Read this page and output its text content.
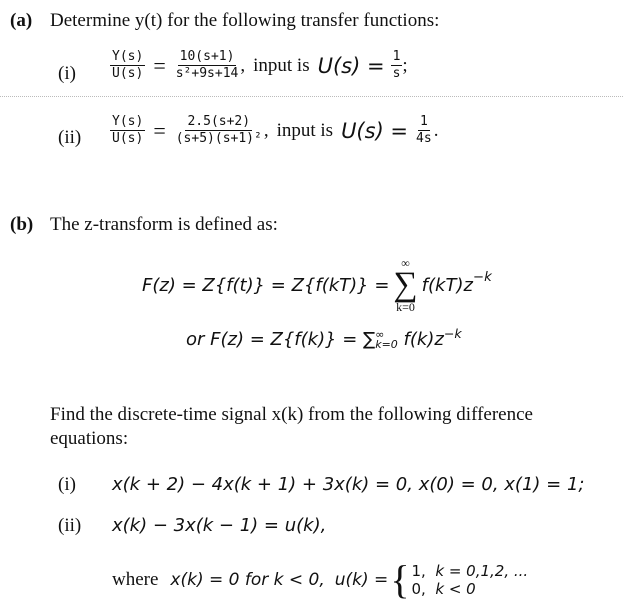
(a) Determine y(t) for the following transfer functions:
(i)	$\frac{Y(s)}{U(s)} = \frac{10(s+1)}{\text{s²+9s+14}}$ , input is $U(s) = \frac{1}{s}$ ;
$(ii) \frac{Y(s)}{U(s)} = \frac{2.5(s+2)}{\text{(s+5)(s+1)²}}$ , input is $U(s) = \frac{1}{4s}$ .
(b) The z-transform is defined as:
F(z) = Z{f(t)} = Z{f(kT)} =
∞
∑
k=0
$f(kT)z^{-k}$
or F(z) = Z{f(k)} = ∑ ∞
k=0 $f(k)z^{-k}$
Find the discrete-time signal x(k) from the following difference
equations:
(i) x(k + 2) − 4x(k + 1) + 3x(k) = 0, x(0) = 0, x(1) = 1;
(ii) x(k) − 3x(k − 1) = u(k),
where x(k) = 0 for k < 0, u(k) = { 1, k = 0,1,2, ...
0, k < 0
